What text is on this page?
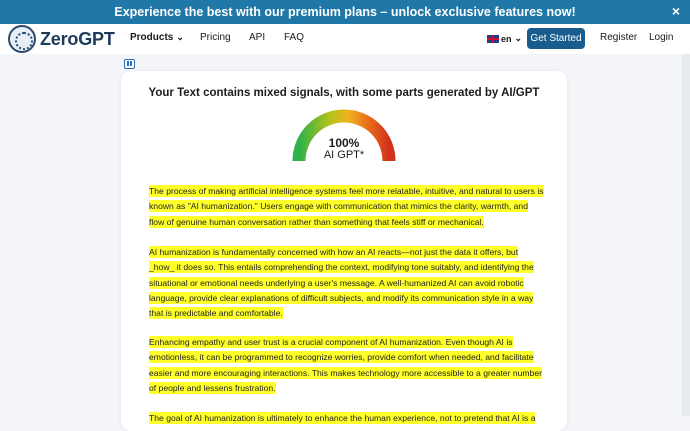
Experience the best with our premium plans – unlock exclusive features now!	×
ZeroGPT Products ⌄ Pricing API FAQ	en ⌄	Register Login
Get Started
Your Text contains mixed signals, with some parts generated by AI/GPT
100%
AI GPT*
The process of making artificial intelligence systems feel more relatable, intuitive, and natural to users is known as "AI humanization." Users engage with communication that mimics the clarity, warmth, and flow of genuine human conversation rather than something that feels stiff or mechanical.
AI humanization is fundamentally concerned with how an AI reacts—not just the data it offers, but _how_ it does so. This entails comprehending the context, modifying tone suitably, and identifying the situational or emotional needs underlying a user's message. A well-humanized AI can avoid robotic language, provide clear explanations of difficult subjects, and modify its communication style in a way that is predictable and comfortable.
Enhancing empathy and user trust is a crucial component of AI humanization. Even though AI is emotionless, it can be programmed to recognize worries, provide comfort when needed, and facilitate easier and more encouraging interactions. This makes technology more accessible to a greater number of people and lessens frustration.
The goal of AI humanization is ultimately to enhance the human experience, not to pretend that AI is a
